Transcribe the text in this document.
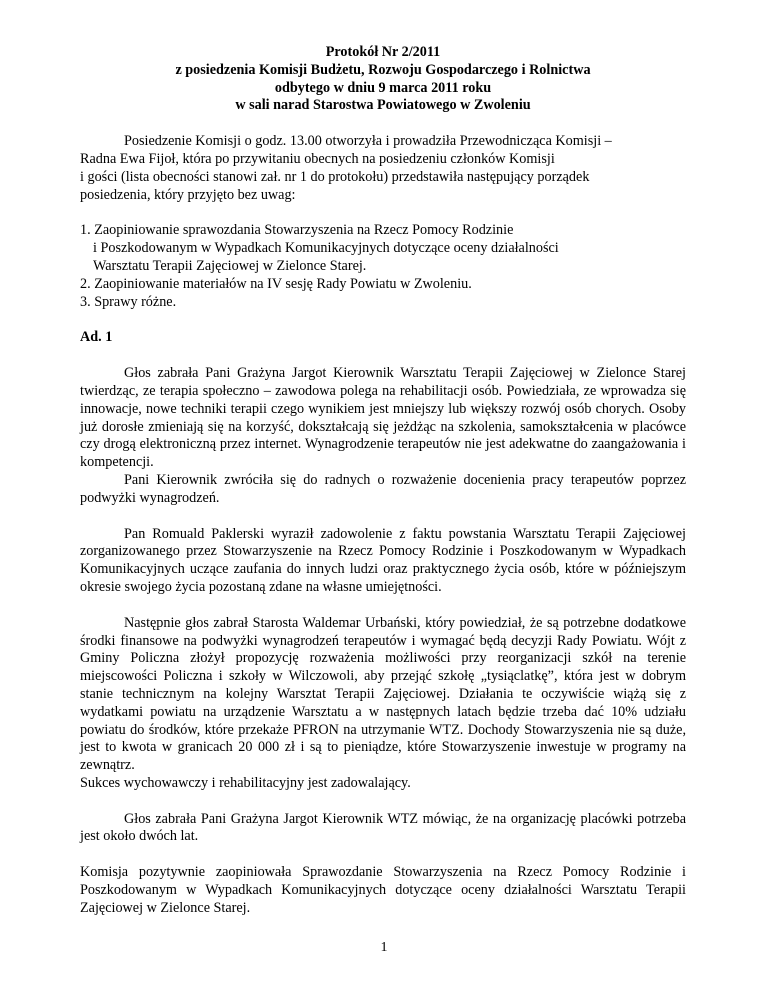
Protokół Nr 2/2011
z posiedzenia Komisji Budżetu, Rozwoju Gospodarczego i Rolnictwa
odbytego w dniu 9 marca 2011 roku
w sali narad Starostwa Powiatowego w Zwoleniu

Posiedzenie Komisji o godz. 13.00 otworzyła i prowadziła Przewodnicząca Komisji –
Radna Ewa Fijoł, która po przywitaniu obecnych na posiedzeniu członków Komisji
i gości (lista obecności stanowi zał. nr 1 do protokołu) przedstawiła następujący porządek
posiedzenia, który przyjęto bez uwag:

1. Zaopiniowanie sprawozdania Stowarzyszenia na Rzecz Pomocy Rodzinie
i Poszkodowanym w Wypadkach Komunikacyjnych dotyczące oceny działalności
Warsztatu Terapii Zajęciowej w Zielonce Starej.
2. Zaopiniowanie materiałów na IV sesję Rady Powiatu w Zwoleniu.
3. Sprawy różne.

Ad. 1

Głos zabrała Pani Grażyna Jargot Kierownik Warsztatu Terapii Zajęciowej w Zielonce Starej twierdząc, ze terapia społeczno – zawodowa polega na rehabilitacji osób. Powiedziała, ze wprowadza się innowacje, nowe techniki terapii czego wynikiem jest mniejszy lub większy rozwój osób chorych. Osoby już dorosłe zmieniają się na korzyść, dokształcają się jeżdżąc na szkolenia, samokształcenia w placówce czy drogą elektroniczną przez internet. Wynagrodzenie terapeutów nie jest adekwatne do zaangażowania i kompetencji.

Pani Kierownik zwróciła się do radnych o rozważenie docenienia pracy terapeutów poprzez podwyżki wynagrodzeń.

Pan Romuald Paklerski wyraził zadowolenie z faktu powstania Warsztatu Terapii Zajęciowej zorganizowanego przez Stowarzyszenie na Rzecz Pomocy Rodzinie i Poszkodowanym w Wypadkach Komunikacyjnych uczące zaufania do innych ludzi oraz praktycznego życia osób, które w późniejszym okresie swojego życia pozostaną zdane na własne umiejętności.

Następnie głos zabrał Starosta Waldemar Urbański, który powiedział, że są potrzebne dodatkowe środki finansowe na podwyżki wynagrodzeń terapeutów i wymagać będą decyzji Rady Powiatu. Wójt z Gminy Policzna złożył propozycję rozważenia możliwości przy reorganizacji szkół na terenie miejscowości Policzna i szkoły w Wilczowoli, aby przejąć szkołę „tysiąclatkę”, która jest w dobrym stanie technicznym na kolejny Warsztat Terapii Zajęciowej. Działania te oczywiście wiążą się z wydatkami powiatu na urządzenie Warsztatu a w następnych latach będzie trzeba dać 10% udziału powiatu do środków, które przekaże PFRON na utrzymanie WTZ. Dochody Stowarzyszenia nie są duże, jest to kwota w granicach 20 000 zł i są to pieniądze, które Stowarzyszenie inwestuje w programy na zewnątrz.

Sukces wychowawczy i rehabilitacyjny jest zadowalający.

Głos zabrała Pani Grażyna Jargot Kierownik WTZ mówiąc, że na organizację placówki potrzeba jest około dwóch lat.

Komisja pozytywnie zaopiniowała Sprawozdanie Stowarzyszenia na Rzecz Pomocy Rodzinie i Poszkodowanym w Wypadkach Komunikacyjnych dotyczące oceny działalności Warsztatu Terapii Zajęciowej w Zielonce Starej.

1
